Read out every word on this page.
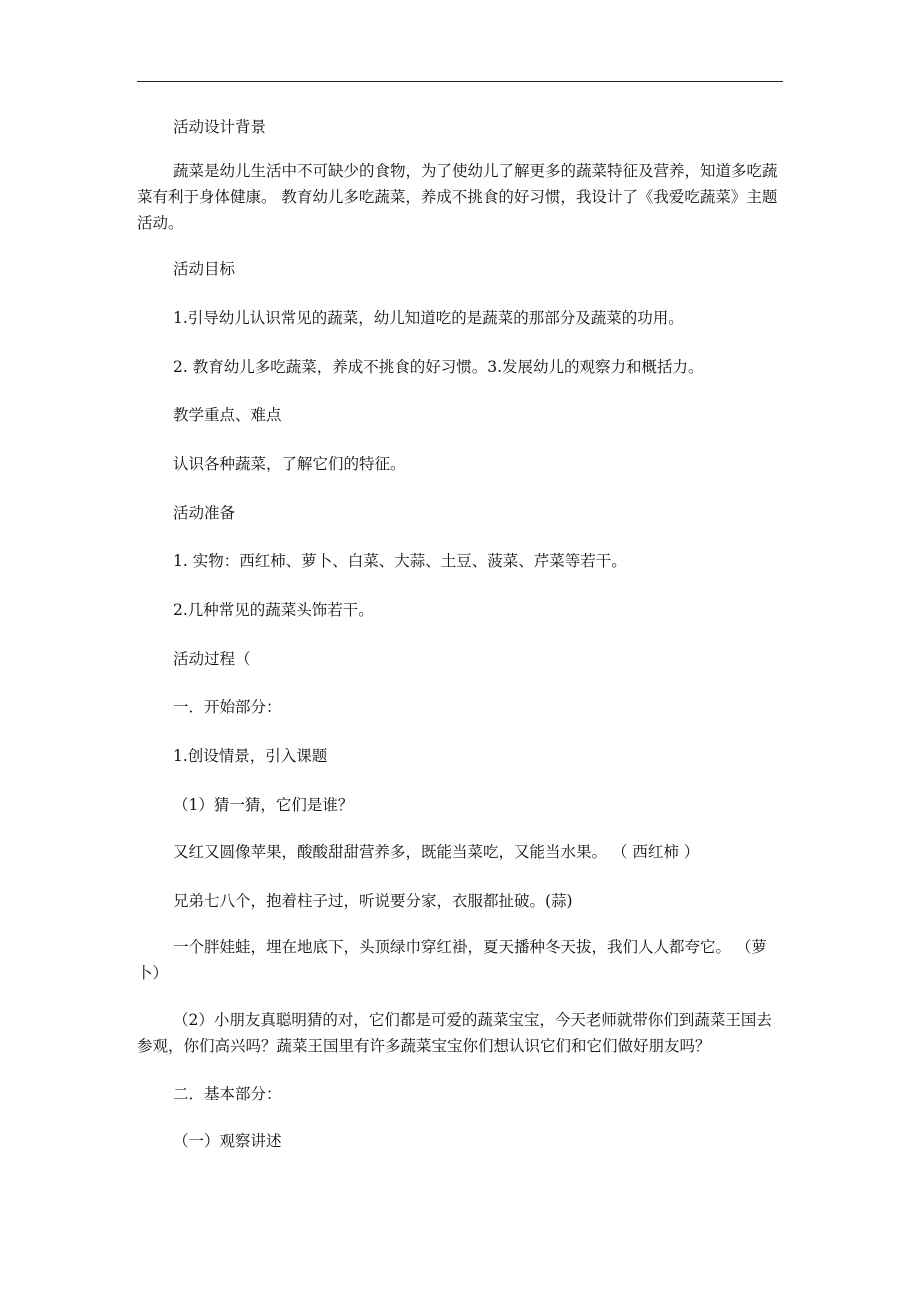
活动设计背景

蔬菜是幼儿生活中不可缺少的食物，为了使幼儿了解更多的蔬菜特征及营养，知道多吃蔬菜有利于身体健康。 教育幼儿多吃蔬菜，养成不挑食的好习惯，我设计了《我爱吃蔬菜》主题活动。

活动目标

1.引导幼儿认识常见的蔬菜，幼儿知道吃的是蔬菜的那部分及蔬菜的功用。

2. 教育幼儿多吃蔬菜，养成不挑食的好习惯。3.发展幼儿的观察力和概括力。

教学重点、难点

认识各种蔬菜，了解它们的特征。

活动准备

1. 实物：西红柿、萝卜、白菜、大蒜、土豆、菠菜、芹菜等若干。

2.几种常见的蔬菜头饰若干。

活动过程（

一．开始部分：

1.创设情景，引入课题

（1）猜一猜，它们是谁？

又红又圆像苹果，酸酸甜甜营养多，既能当菜吃，又能当水果。 （ 西红柿 ）

兄弟七八个，抱着柱子过，听说要分家，衣服都扯破。(蒜)

一个胖娃蛙，埋在地底下，头顶绿巾穿红褂，夏天播种冬天拔，我们人人都夸它。 （萝卜）

（2）小朋友真聪明猜的对，它们都是可爱的蔬菜宝宝，今天老师就带你们到蔬菜王国去参观，你们高兴吗？蔬菜王国里有许多蔬菜宝宝你们想认识它们和它们做好朋友吗？

二．基本部分：

（一）观察讲述
